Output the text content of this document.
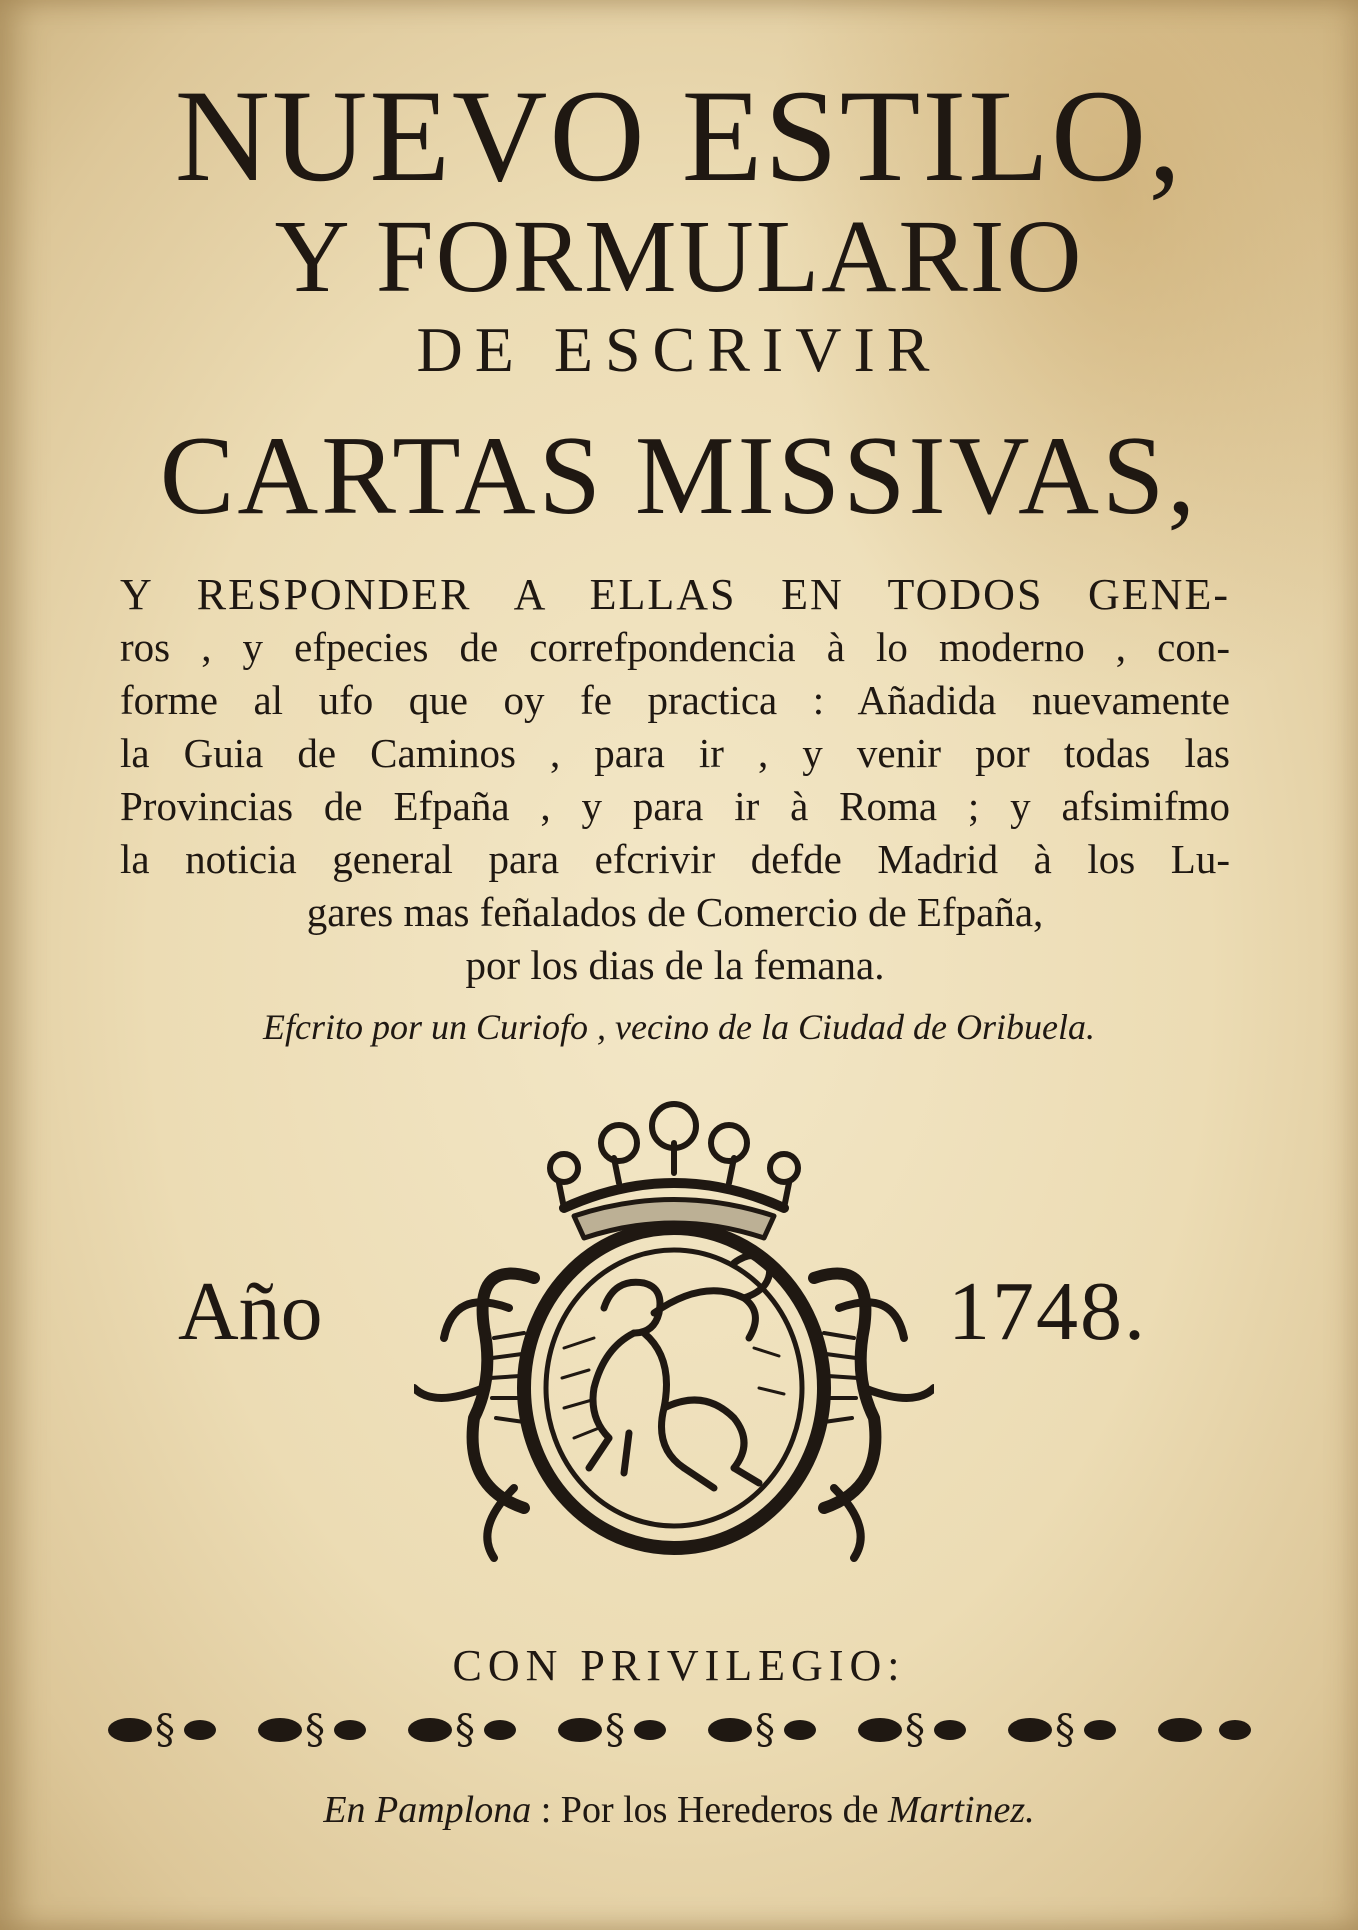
NUEVO ESTILO,
Y FORMULARIO
DE ESCRIVIR
CARTAS MISSIVAS,
Y RESPONDER A ELLAS EN TODOS GENE-
ros , y efpecies de correfpondencia à lo moderno , con-
forme al ufo que oy fe practica : Añadida nuevamente
la Guia de Caminos , para ir , y venir por todas las
Provincias de Efpaña , y para ir à Roma ; y afsimifmo
la noticia general para efcrivir defde Madrid à los Lu-
gares mas feñalados de Comercio de Efpaña,
por los dias de la femana.
Efcrito por un Curiofo , vecino de la Ciudad de Oribuela.
Año	1748.
CON PRIVILEGIO:
§	§	§	§	§	§	§
En Pamplona : Por los Herederos de Martinez.
